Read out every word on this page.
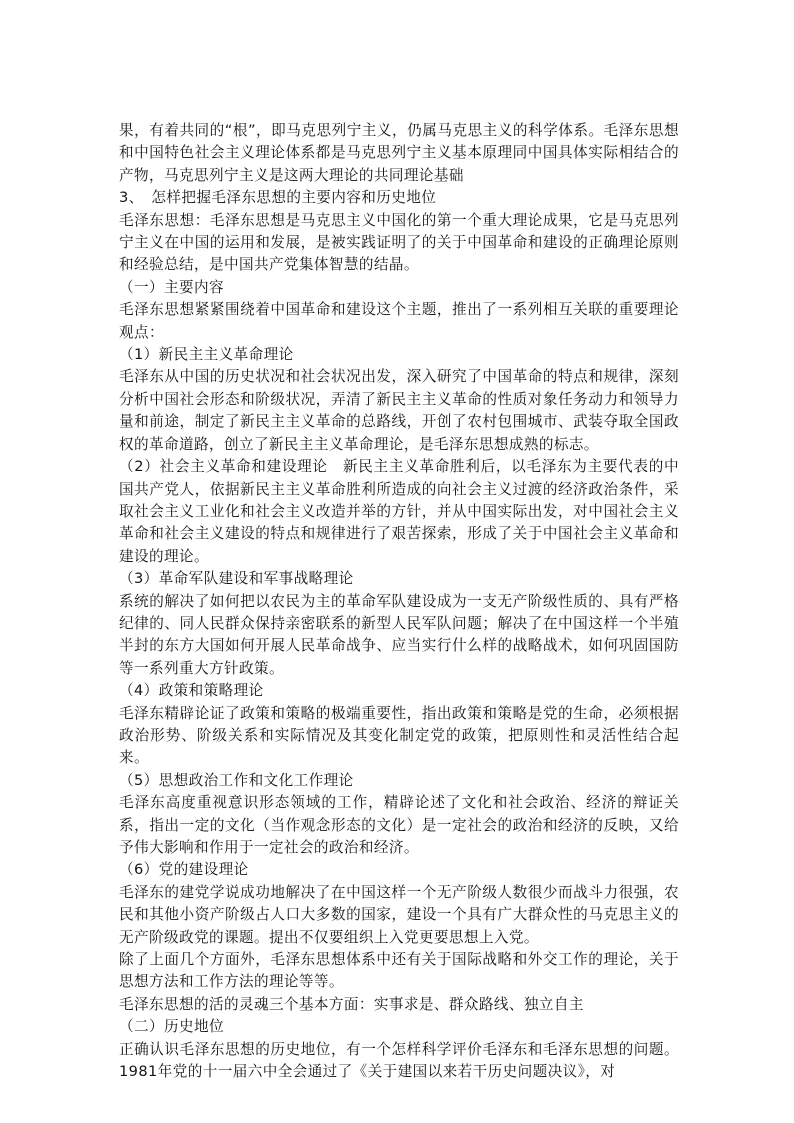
果，有着共同的“根”，即马克思列宁主义，仍属马克思主义的科学体系。毛泽东思想和中国特色社会主义理论体系都是马克思列宁主义基本原理同中国具体实际相结合的产物，马克思列宁主义是这两大理论的共同理论基础

3、　怎样把握毛泽东思想的主要内容和历史地位

毛泽东思想：毛泽东思想是马克思主义中国化的第一个重大理论成果，它是马克思列宁主义在中国的运用和发展，是被实践证明了的关于中国革命和建设的正确理论原则和经验总结，是中国共产党集体智慧的结晶。

（一）主要内容

毛泽东思想紧紧围绕着中国革命和建设这个主题，推出了一系列相互关联的重要理论观点：

（1）新民主主义革命理论

毛泽东从中国的历史状况和社会状况出发，深入研究了中国革命的特点和规律，深刻分析中国社会形态和阶级状况，弄清了新民主主义革命的性质对象任务动力和领导力量和前途，制定了新民主主义革命的总路线，开创了农村包围城市、武装夺取全国政权的革命道路，创立了新民主主义革命理论，是毛泽东思想成熟的标志。

（2）社会主义革命和建设理论　新民主主义革命胜利后，以毛泽东为主要代表的中国共产党人，依据新民主主义革命胜利所造成的向社会主义过渡的经济政治条件，采取社会主义工业化和社会主义改造并举的方针，并从中国实际出发，对中国社会主义革命和社会主义建设的特点和规律进行了艰苦探索，形成了关于中国社会主义革命和建设的理论。

（3）革命军队建设和军事战略理论

系统的解决了如何把以农民为主的革命军队建设成为一支无产阶级性质的、具有严格纪律的、同人民群众保持亲密联系的新型人民军队问题；解决了在中国这样一个半殖半封的东方大国如何开展人民革命战争、应当实行什么样的战略战术，如何巩固国防等一系列重大方针政策。

（4）政策和策略理论

毛泽东精辟论证了政策和策略的极端重要性，指出政策和策略是党的生命，必须根据政治形势、阶级关系和实际情况及其变化制定党的政策，把原则性和灵活性结合起来。

（5）思想政治工作和文化工作理论

毛泽东高度重视意识形态领域的工作，精辟论述了文化和社会政治、经济的辩证关系，指出一定的文化（当作观念形态的文化）是一定社会的政治和经济的反映，又给予伟大影响和作用于一定社会的政治和经济。

（6）党的建设理论

毛泽东的建党学说成功地解决了在中国这样一个无产阶级人数很少而战斗力很强，农民和其他小资产阶级占人口大多数的国家，建设一个具有广大群众性的马克思主义的无产阶级政党的课题。提出不仅要组织上入党更要思想上入党。

除了上面几个方面外，毛泽东思想体系中还有关于国际战略和外交工作的理论，关于思想方法和工作方法的理论等等。

毛泽东思想的活的灵魂三个基本方面：实事求是、群众路线、独立自主

（二）历史地位

正确认识毛泽东思想的历史地位，有一个怎样科学评价毛泽东和毛泽东思想的问题。1981年党的十一届六中全会通过了《关于建国以来若干历史问题决议》，对
